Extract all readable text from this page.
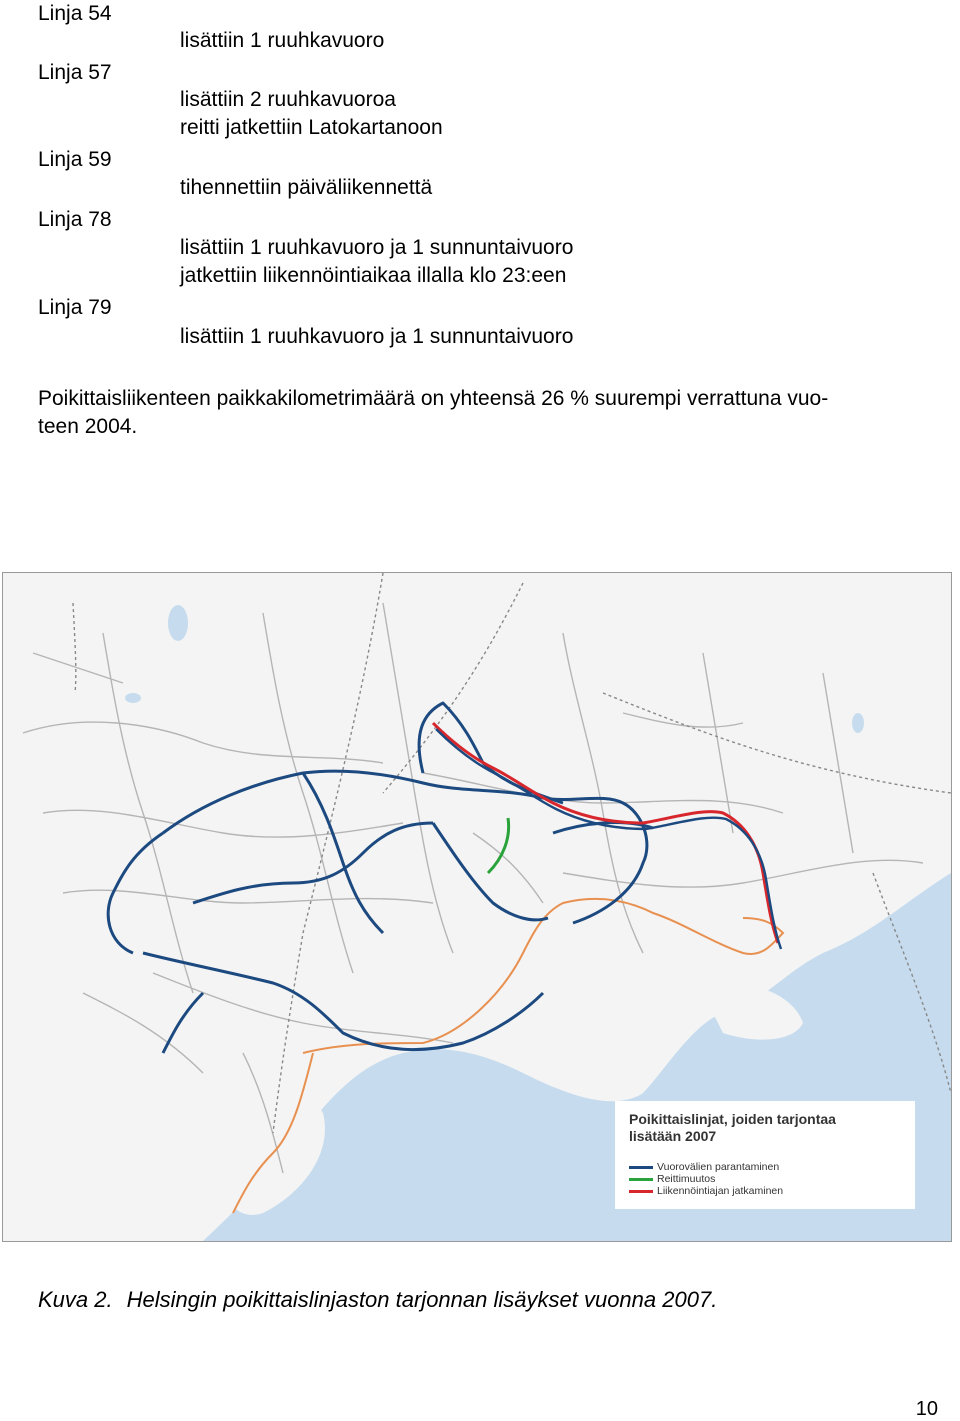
Linja 54
lisättiin 1 ruuhkavuoro
Linja 57
lisättiin 2 ruuhkavuoroa
reitti jatkettiin Latokartanoon
Linja 59
tihennettiin päiväliikennettä
Linja 78
lisättiin 1 ruuhkavuoro ja 1 sunnuntaivuoro
jatkettiin liikennöintiaikaa illalla klo 23:een
Linja 79
lisättiin 1 ruuhkavuoro ja 1 sunnuntaivuoro
Poikittaisliikenteen paikkakilometrimäärä on yhteensä 26 % suurempi verrattuna vuo-
teen 2004.
Poikittaislinjat, joiden tarjontaa
lisätään 2007
Vuorovälien parantaminen
Reittimuutos
Liikennöintiajan jatkaminen
Kuva 2. Helsingin poikittaislinjaston tarjonnan lisäykset vuonna 2007.
10
